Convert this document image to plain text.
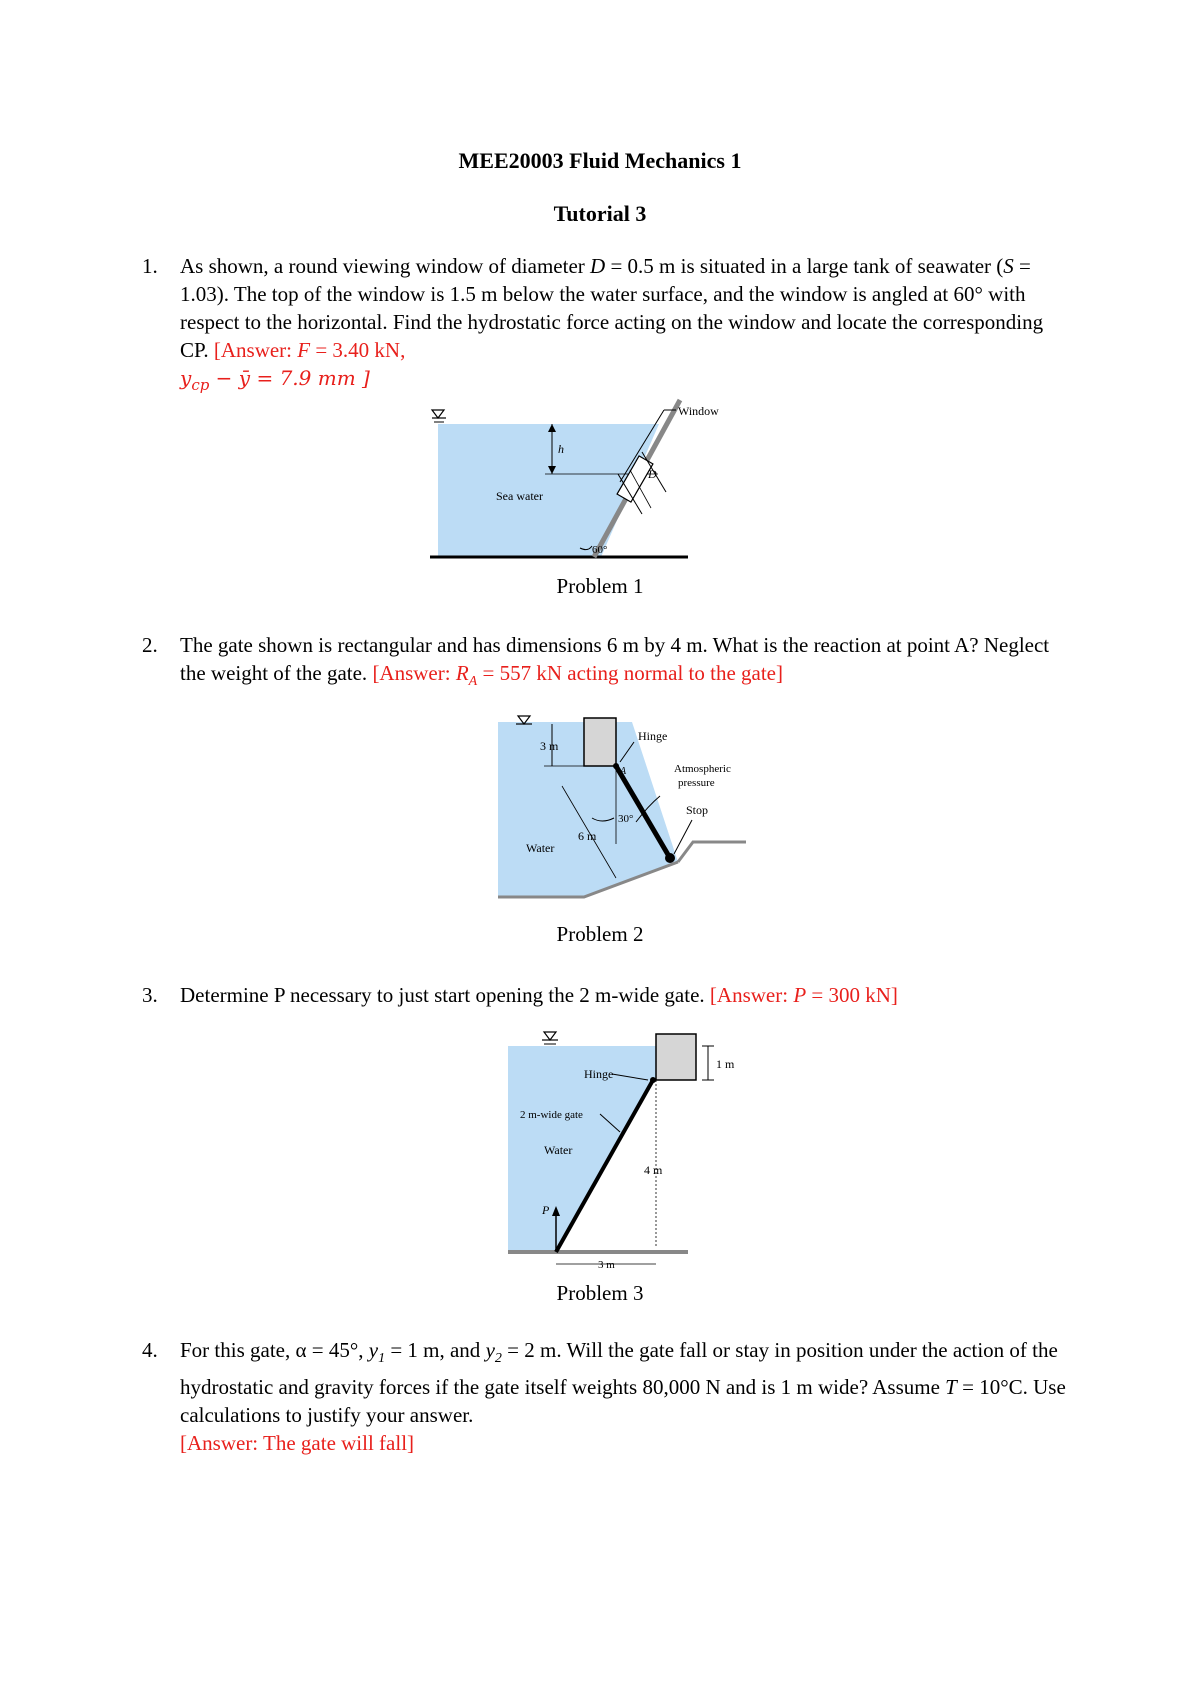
MEE20003 Fluid Mechanics 1
Tutorial 3
1. As shown, a round viewing window of diameter D = 0.5 m is situated in a large tank of seawater (S = 1.03). The top of the window is 1.5 m below the water surface, and the window is angled at 60° with respect to the horizontal. Find the hydrostatic force acting on the window and locate the corresponding CP. [Answer: F = 3.40 kN,
$y_{cp}$ − ȳ = 7.9 mm ]
h
Window
Sea water
D
60°
Problem 1
2. The gate shown is rectangular and has dimensions 6 m by 4 m. What is the reaction at point A? Neglect the weight of the gate. [Answer: $R_A = 557$ kN acting normal to the gate]
3 m
30°
6 m
Water
A
Hinge
Atmospheric
pressure
Stop
Problem 2
3. Determine P necessary to just start opening the 2 m-wide gate. [Answer: P = 300 kN]
Hinge
2 m-wide gate
Water
P
4 m
1 m
3 m
Problem 3
4. For this gate, α = 45°, $y_1 = 1$ m, and $y_2 = 2$ m. Will the gate fall or stay in position under the action of the hydrostatic and gravity forces if the gate itself weights 80,000 N and is 1 m wide? Assume T = 10°C. Use calculations to justify your answer.
[Answer: The gate will fall]
